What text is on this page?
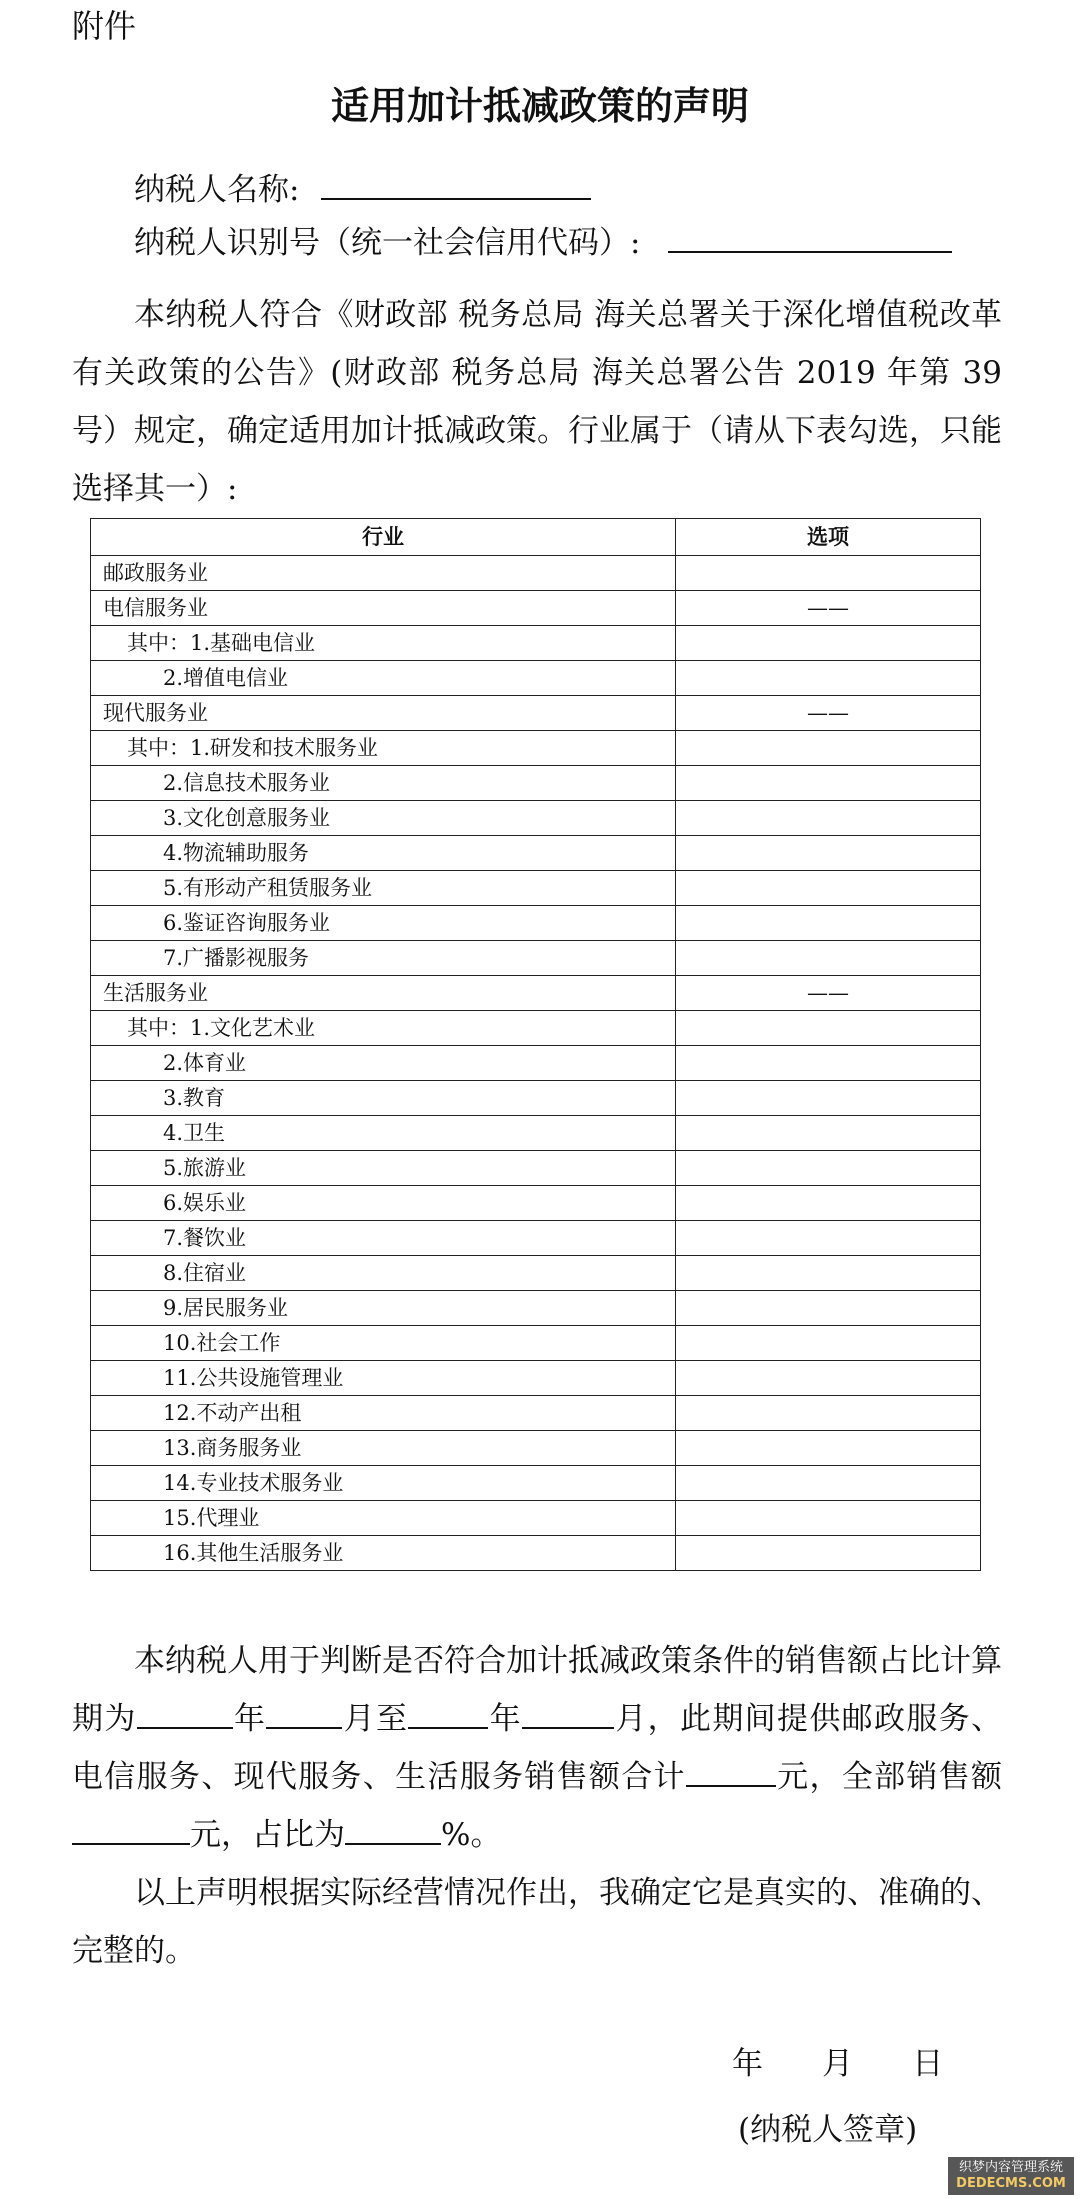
附件
适用加计抵减政策的声明
纳税人名称:
纳税人识别号（统一社会信用代码）:
本纳税人符合《财政部 税务总局 海关总署关于深化增值税改革有关政策的公告》(财政部 税务总局 海关总署公告 2019 年第 39 号）规定，确定适用加计抵减政策。行业属于（请从下表勾选，只能选择其一）:
行业	选项
邮政服务业	
电信服务业	——
其中：1.基础电信业	
2.增值电信业	
现代服务业	——
其中：1.研发和技术服务业	
2.信息技术服务业	
3.文化创意服务业	
4.物流辅助服务	
5.有形动产租赁服务业	
6.鉴证咨询服务业	
7.广播影视服务	
生活服务业	——
其中：1.文化艺术业	
2.体育业	
3.教育	
4.卫生	
5.旅游业	
6.娱乐业	
7.餐饮业	
8.住宿业	
9.居民服务业	
10.社会工作	
11.公共设施管理业	
12.不动产出租	
13.商务服务业	
14.专业技术服务业	
15.代理业	
16.其他生活服务业	
本纳税人用于判断是否符合加计抵减政策条件的销售额占比计算期为	年 月至	年	月，此期间提供邮政服务、电信服务、现代服务、生活服务销售额合计	元，全部销售额元，占比为	%。
以上声明根据实际经营情况作出，我确定它是真实的、准确的、完整的。
年 月 日
(纳税人签章)
织梦内容管理系统
DEDECMS.COM
